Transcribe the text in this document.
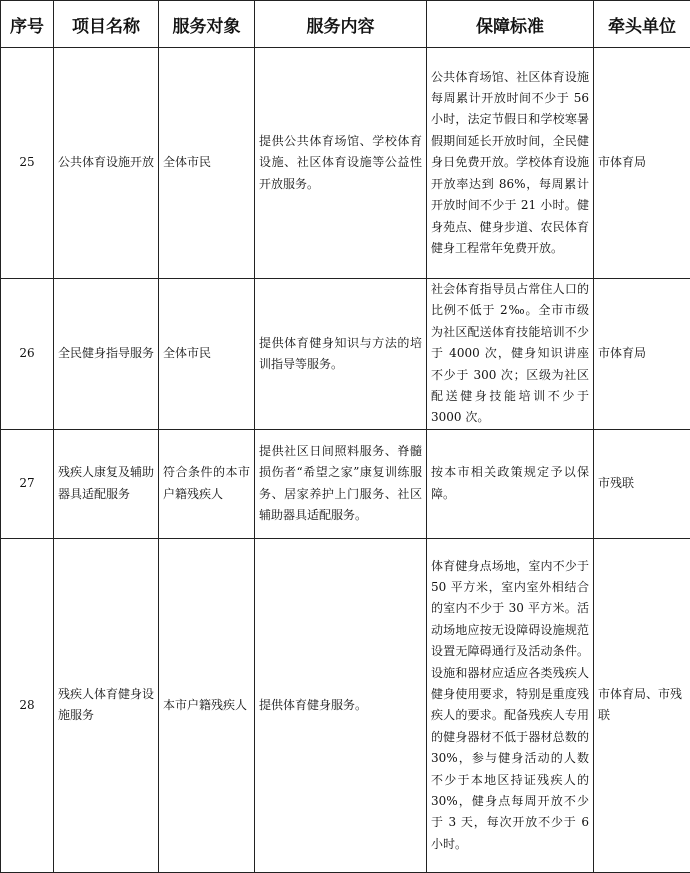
序号	项目名称	服务对象	服务内容	保障标准	牵头单位
25	公共体育设施开放	全体市民	提供公共体育场馆、学校体育设施、社区体育设施等公益性开放服务。	公共体育场馆、社区体育设施每周累计开放时间不少于 56 小时，法定节假日和学校寒暑假期间延长开放时间，全民健身日免费开放。学校体育设施开放率达到 86%，每周累计开放时间不少于 21 小时。健身苑点、健身步道、农民体育健身工程常年免费开放。	市体育局
26	全民健身指导服务	全体市民	提供体育健身知识与方法的培训指导等服务。	社会体育指导员占常住人口的比例不低于 2‰。全市市级为社区配送体育技能培训不少于 4000 次，健身知识讲座不少于 300 次；区级为社区配送健身技能培训不少于 3000 次。	市体育局
27	残疾人康复及辅助器具适配服务	符合条件的本市户籍残疾人	提供社区日间照料服务、脊髓损伤者“希望之家”康复训练服务、居家养护上门服务、社区辅助器具适配服务。	按本市相关政策规定予以保障。	市残联
28	残疾人体育健身设施服务	本市户籍残疾人	提供体育健身服务。	体育健身点场地，室内不少于 50 平方米，室内室外相结合的室内不少于 30 平方米。活动场地应按无设障碍设施规范设置无障碍通行及活动条件。设施和器材应适应各类残疾人健身使用要求，特别是重度残疾人的要求。配备残疾人专用的健身器材不低于器材总数的 30%，参与健身活动的人数不少于本地区持证残疾人的 30%，健身点每周开放不少于 3 天，每次开放不少于 6 小时。	市体育局、市残联
